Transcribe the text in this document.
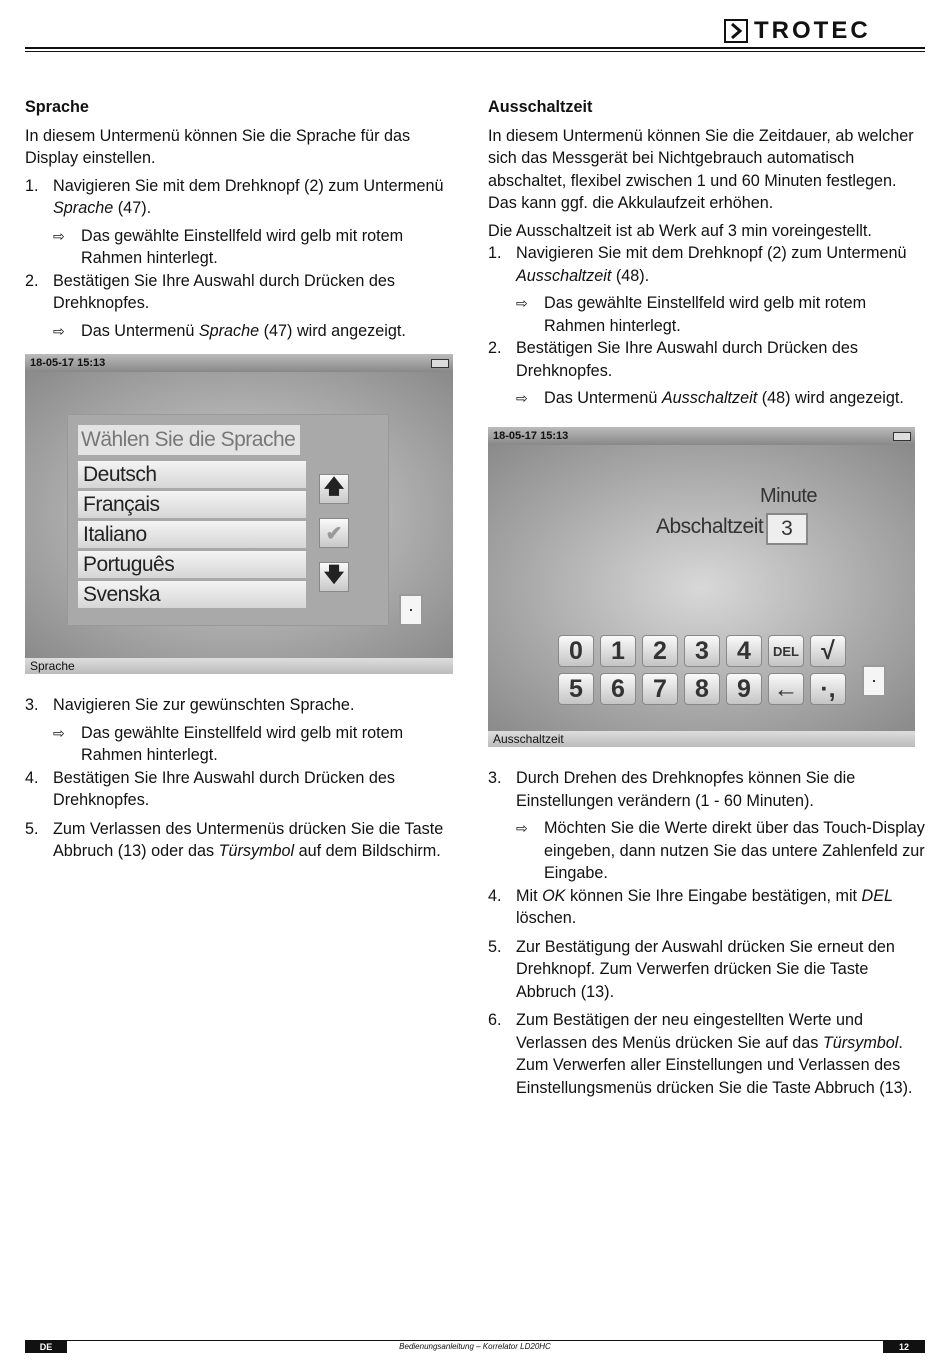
TROTEC
Sprache

In diesem Untermenü können Sie die Sprache für das Display einstellen.

1. Navigieren Sie mit dem Drehknopf (2) zum Untermenü Sprache (47).
⇨	Das gewählte Einstellfeld wird gelb mit rotem Rahmen hinterlegt.
2. Bestätigen Sie Ihre Auswahl durch Drücken des Drehknopfes.
⇨	Das Untermenü Sprache (47) wird angezeigt.
18-05-17 15:13
Wählen Sie die Sprache
Deutsch
Français
Italiano
Português
Svenska
🡅
✔
🡇
Sprache
3. Navigieren Sie zur gewünschten Sprache.
⇨	Das gewählte Einstellfeld wird gelb mit rotem Rahmen hinterlegt.
4. Bestätigen Sie Ihre Auswahl durch Drücken des Drehknopfes.
5. Zum Verlassen des Untermenüs drücken Sie die Taste Abbruch (13) oder das Türsymbol auf dem Bildschirm.
Ausschaltzeit

In diesem Untermenü können Sie die Zeitdauer, ab welcher sich das Messgerät bei Nichtgebrauch automatisch abschaltet, flexibel zwischen 1 und 60 Minuten festlegen. Das kann ggf. die Akkulaufzeit erhöhen.

Die Ausschaltzeit ist ab Werk auf 3 min voreingestellt.

1. Navigieren Sie mit dem Drehknopf (2) zum Untermenü Ausschaltzeit (48).
⇨	Das gewählte Einstellfeld wird gelb mit rotem Rahmen hinterlegt.
2. Bestätigen Sie Ihre Auswahl durch Drücken des Drehknopfes.
⇨	Das Untermenü Ausschaltzeit (48) wird angezeigt.
18-05-17 15:13
Minute
Abschaltzeit 3
0	1	2	3	4	DEL √
5	6	7	8	9 ← ·,
Ausschaltzeit
3. Durch Drehen des Drehknopfes können Sie die Einstellungen verändern (1 - 60 Minuten).
⇨	Möchten Sie die Werte direkt über das Touch-Display eingeben, dann nutzen Sie das untere Zahlenfeld zur Eingabe.
4. Mit OK können Sie Ihre Eingabe bestätigen, mit DEL löschen.
5. Zur Bestätigung der Auswahl drücken Sie erneut den Drehknopf. Zum Verwerfen drücken Sie die Taste Abbruch (13).
6. Zum Bestätigen der neu eingestellten Werte und Verlassen des Menüs drücken Sie auf das Türsymbol. Zum Verwerfen aller Einstellungen und Verlassen des Einstellungsmenüs drücken Sie die Taste Abbruch (13).
DE	Bedienungsanleitung – Korrelator LD20HC	12
